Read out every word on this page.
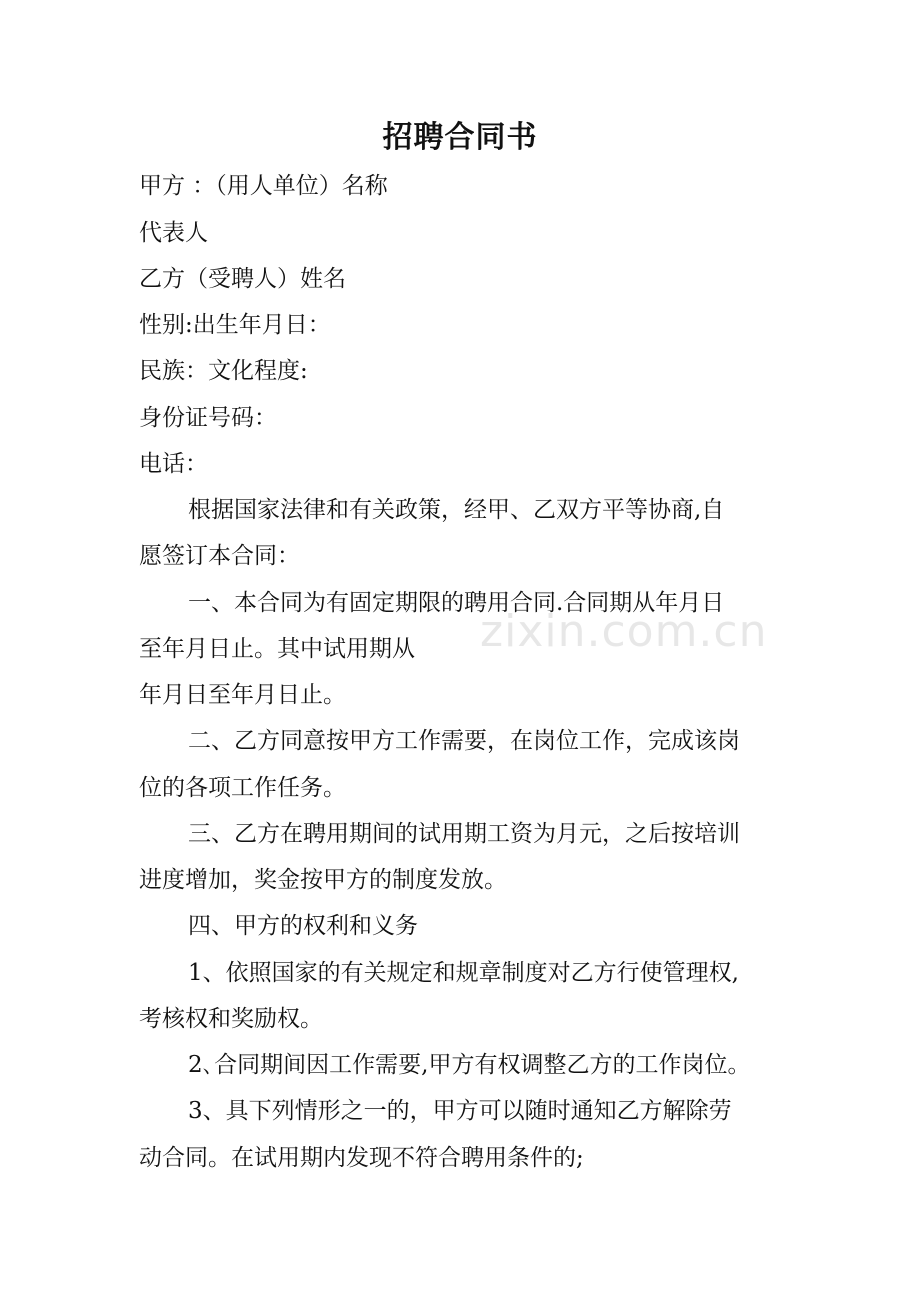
招聘合同书
甲方 ：（用人单位）名称
代表人
乙方（受聘人）姓名
性别:出生年月日：
民族：文化程度:
身份证号码：
电话：
根据国家法律和有关政策，经甲、乙双方平等协商,自
愿签订本合同：
一、本合同为有固定期限的聘用合同.合同期从年月日
至年月日止。其中试用期从
年月日至年月日止。
二、乙方同意按甲方工作需要，在岗位工作，完成该岗
位的各项工作任务。
三、乙方在聘用期间的试用期工资为月元，之后按培训
进度增加，奖金按甲方的制度发放。
四、甲方的权利和义务
1、依照国家的有关规定和规章制度对乙方行使管理权,
考核权和奖励权。
2､合同期间因工作需要,甲方有权调整乙方的工作岗位。
3、具下列情形之一的，甲方可以随时通知乙方解除劳
动合同。在试用期内发现不符合聘用条件的;
zixin.com.cn
